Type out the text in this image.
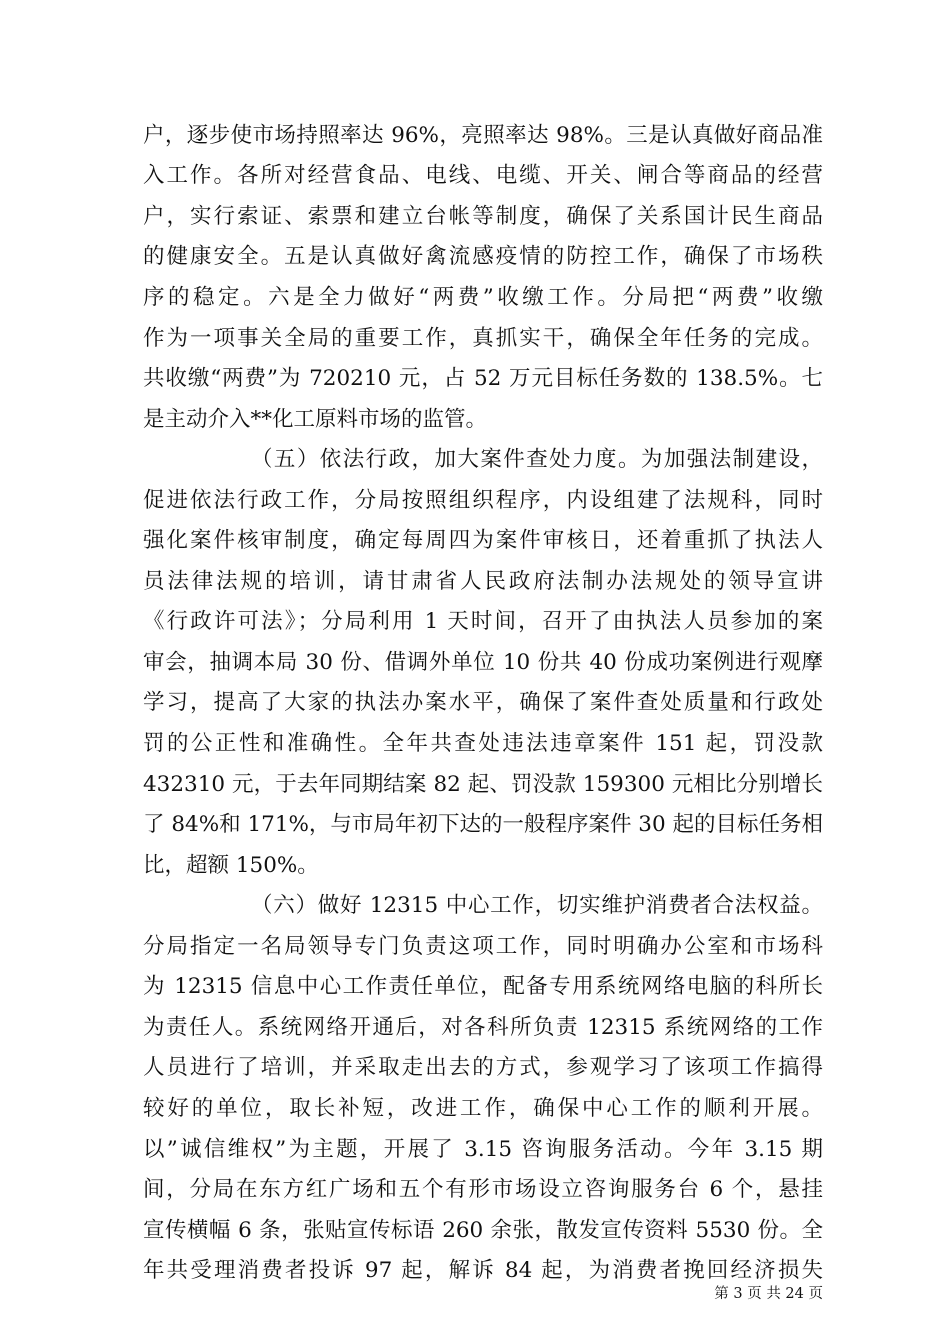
户，逐步使市场持照率达 96%，亮照率达 98%。三是认真做好商品准
入工作。各所对经营食品、电线、电缆、开关、闸合等商品的经营
户，实行索证、索票和建立台帐等制度，确保了关系国计民生商品
的健康安全。五是认真做好禽流感疫情的防控工作，确保了市场秩
序的稳定。六是全力做好“两费”收缴工作。分局把“两费”收缴
作为一项事关全局的重要工作，真抓实干，确保全年任务的完成。
共收缴“两费”为 720210 元，占 52 万元目标任务数的 138.5%。七
是主动介入**化工原料市场的监管。
（五）依法行政，加大案件查处力度。为加强法制建设，
促进依法行政工作，分局按照组织程序，内设组建了法规科，同时
强化案件核审制度，确定每周四为案件审核日，还着重抓了执法人
员法律法规的培训，请甘肃省人民政府法制办法规处的领导宣讲
《行政许可法》；分局利用 1 天时间，召开了由执法人员参加的案
审会，抽调本局 30 份、借调外单位 10 份共 40 份成功案例进行观摩
学习，提高了大家的执法办案水平，确保了案件查处质量和行政处
罚的公正性和准确性。全年共查处违法违章案件 151 起，罚没款
432310 元，于去年同期结案 82 起、罚没款 159300 元相比分别增长
了 84%和 171%，与市局年初下达的一般程序案件 30 起的目标任务相
比，超额 150%。
（六）做好 12315 中心工作，切实维护消费者合法权益。
分局指定一名局领导专门负责这项工作，同时明确办公室和市场科
为 12315 信息中心工作责任单位，配备专用系统网络电脑的科所长
为责任人。系统网络开通后，对各科所负责 12315 系统网络的工作
人员进行了培训，并采取走出去的方式，参观学习了该项工作搞得
较好的单位，取长补短，改进工作，确保中心工作的顺利开展。
以”诚信维权”为主题，开展了 3.15 咨询服务活动。今年 3.15 期
间，分局在东方红广场和五个有形市场设立咨询服务台 6 个，悬挂
宣传横幅 6 条，张贴宣传标语 260 余张，散发宣传资料 5530 份。全
年共受理消费者投诉 97 起，解诉 84 起，为消费者挽回经济损失
第 3 页 共 24 页
